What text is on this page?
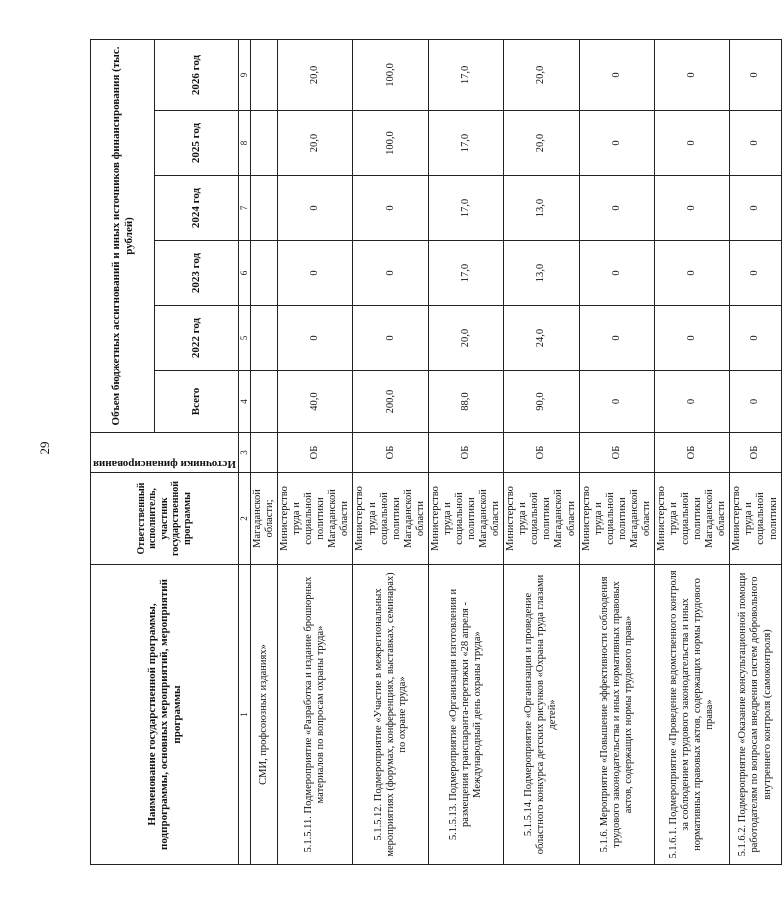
29
Наименование государственной программы, подпрограммы, основных мероприятий, мероприятий программы	Ответственный исполнитель, участник государственной программы	Источники финансирования	Объем бюджетных ассигнований и иных источников финансирования (тыс. рублей)					
			Всего	2022 год	2023 год	2024 год	2025 год	2026 год
1	2	3	4	5	6	7	8	9
СМИ, профсоюзных изданиях»	Магаданской области;							
5.1.5.11. Подмероприятие «Разработка и издание брошюрных материалов по вопросам охраны труда»	Министерство труда и социальной политики Магаданской области	ОБ	40,0	0	0	0	20,0	20,0
5.1.5.12. Подмероприятие «Участие в межрегиональных мероприятиях (форумах, конференциях, выставках, семинарах) по охране труда»	Министерство труда и социальной политики Магаданской области	ОБ	200,0	0	0	0	100,0	100,0
5.1.5.13. Подмероприятие «Организация изготовления и размещения транспаранта-перетяжки «28 апреля - Международный день охраны труда»	Министерство труда и социальной политики Магаданской области	ОБ	88,0	20,0	17,0	17,0	17,0	17,0
5.1.5.14. Подмероприятие «Организация и проведение областного конкурса детских рисунков «Охрана труда глазами детей»	Министерство труда и социальной политики Магаданской области	ОБ	90,0	24,0	13,0	13,0	20,0	20,0
5.1.6. Мероприятие «Повышение эффективности соблюдения трудового законодательства и иных нормативных правовых актов, содержащих нормы трудового права»	Министерство труда и социальной политики Магаданской области	ОБ	0	0	0	0	0	0
5.1.6.1. Подмероприятие «Проведение ведомственного контроля за соблюдением трудового законодательства и иных нормативных правовых актов, содержащих нормы трудового права»	Министерство труда и социальной политики Магаданской области	ОБ	0	0	0	0	0	0
5.1.6.2. Подмероприятие «Оказание консультационной помощи работодателям по вопросам внедрения систем добровольного внутреннего контроля (самоконтроля)	Министерство труда и социальной политики	ОБ	0	0	0	0	0	0
